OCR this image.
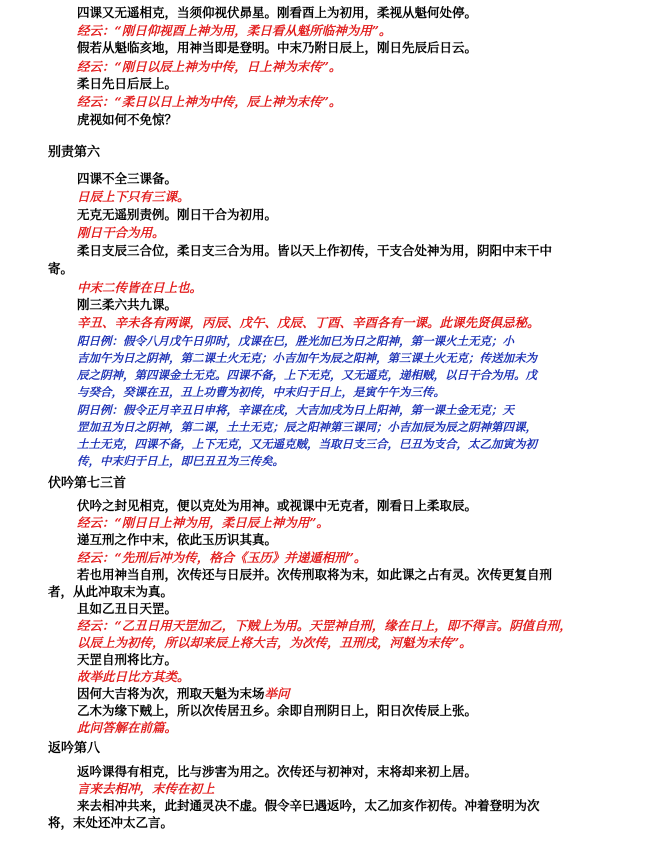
四课又无遥相克，当须仰视伏昴星。刚看酉上为初用，柔视从魁何处停。
经云：“刚日仰视酉上神为用，柔日看从魁所临神为用”。
假若从魁临亥地，用神当即是登明。中末乃附日辰上，刚日先辰后日云。
经云：“刚日以辰上神为中传，日上神为末传”。
柔日先日后辰上。
经云：“柔日以日上神为中传，辰上神为末传”。
虎视如何不免惊？
别责第六
四课不全三课备。
日辰上下只有三课。
无克无遥别责例。刚日干合为初用。
刚日干合为用。
柔日支辰三合位，柔日支三合为用。皆以天上作初传，干支合处神为用，阴阳中末干中
寄。
中末二传皆在日上也。
刚三柔六共九课。
辛丑、辛未各有两课，丙辰、戊午、戊辰、丁酉、辛酉各有一课。此课先贤俱忌秘。
阳日例：假令八月戊午日卯时，戊课在巳，胜光加巳为日之阳神，第一课火土无克；小
吉加午为日之阴神，第二课土火无克；小吉加午为辰之阳神，第三课土火无克；传送加未为
辰之阴神，第四课金土无克。四课不备，上下无克，又无遥克，递相贼，以日干合为用。戊
与癸合，癸课在丑，丑上功曹为初传，中末归于日上，是寅午午为三传。
阴日例：假令正月辛丑日申将，辛课在戌，大吉加戌为日上阳神，第一课土金无克；天
罡加丑为日之阴神，第二课，土土无克；辰之阳神第三课同；小吉加辰为辰之阴神第四课，
土土无克，四课不备，上下无克，又无遥克贼，当取日支三合，巳丑为支合，太乙加寅为初
传，中末归于日上，即巳丑丑为三传矣。
伏吟第七三首
伏吟之封见相克，便以克处为用神。或视课中无克者，刚看日上柔取辰。
经云：“刚日日上神为用，柔日辰上神为用”。
递互刑之作中末，依此玉历识其真。
经云：“先刑后冲为传，格合《玉历》并递遁相刑”。
若也用神当自刑，次传还与日辰并。次传刑取将为末，如此课之占有灵。次传更复自刑
者，从此冲取末为真。
且如乙丑日天罡。
经云：“乙丑日用天罡加乙，下贼上为用。天罡神自刑，缘在日上，即不得言。阴值自刑，
以辰上为初传，所以却来辰上将大吉，为次传，丑刑戌，河魁为末传”。
天罡自刑将比方。
故举此日比方其类。
因何大吉将为次，刑取天魁为末场举问
乙木为缘下贼上，所以次传居丑乡。余即自刑阴日上，阳日次传辰上张。
此问答解在前篇。
返吟第八
返吟课得有相克，比与涉害为用之。次传还与初神对，末将却来初上居。
言来去相冲，末传在初上
来去相冲共来，此封通灵决不虚。假令辛巳遇返吟，太乙加亥作初传。冲着登明为次
将，末处还冲太乙言。
